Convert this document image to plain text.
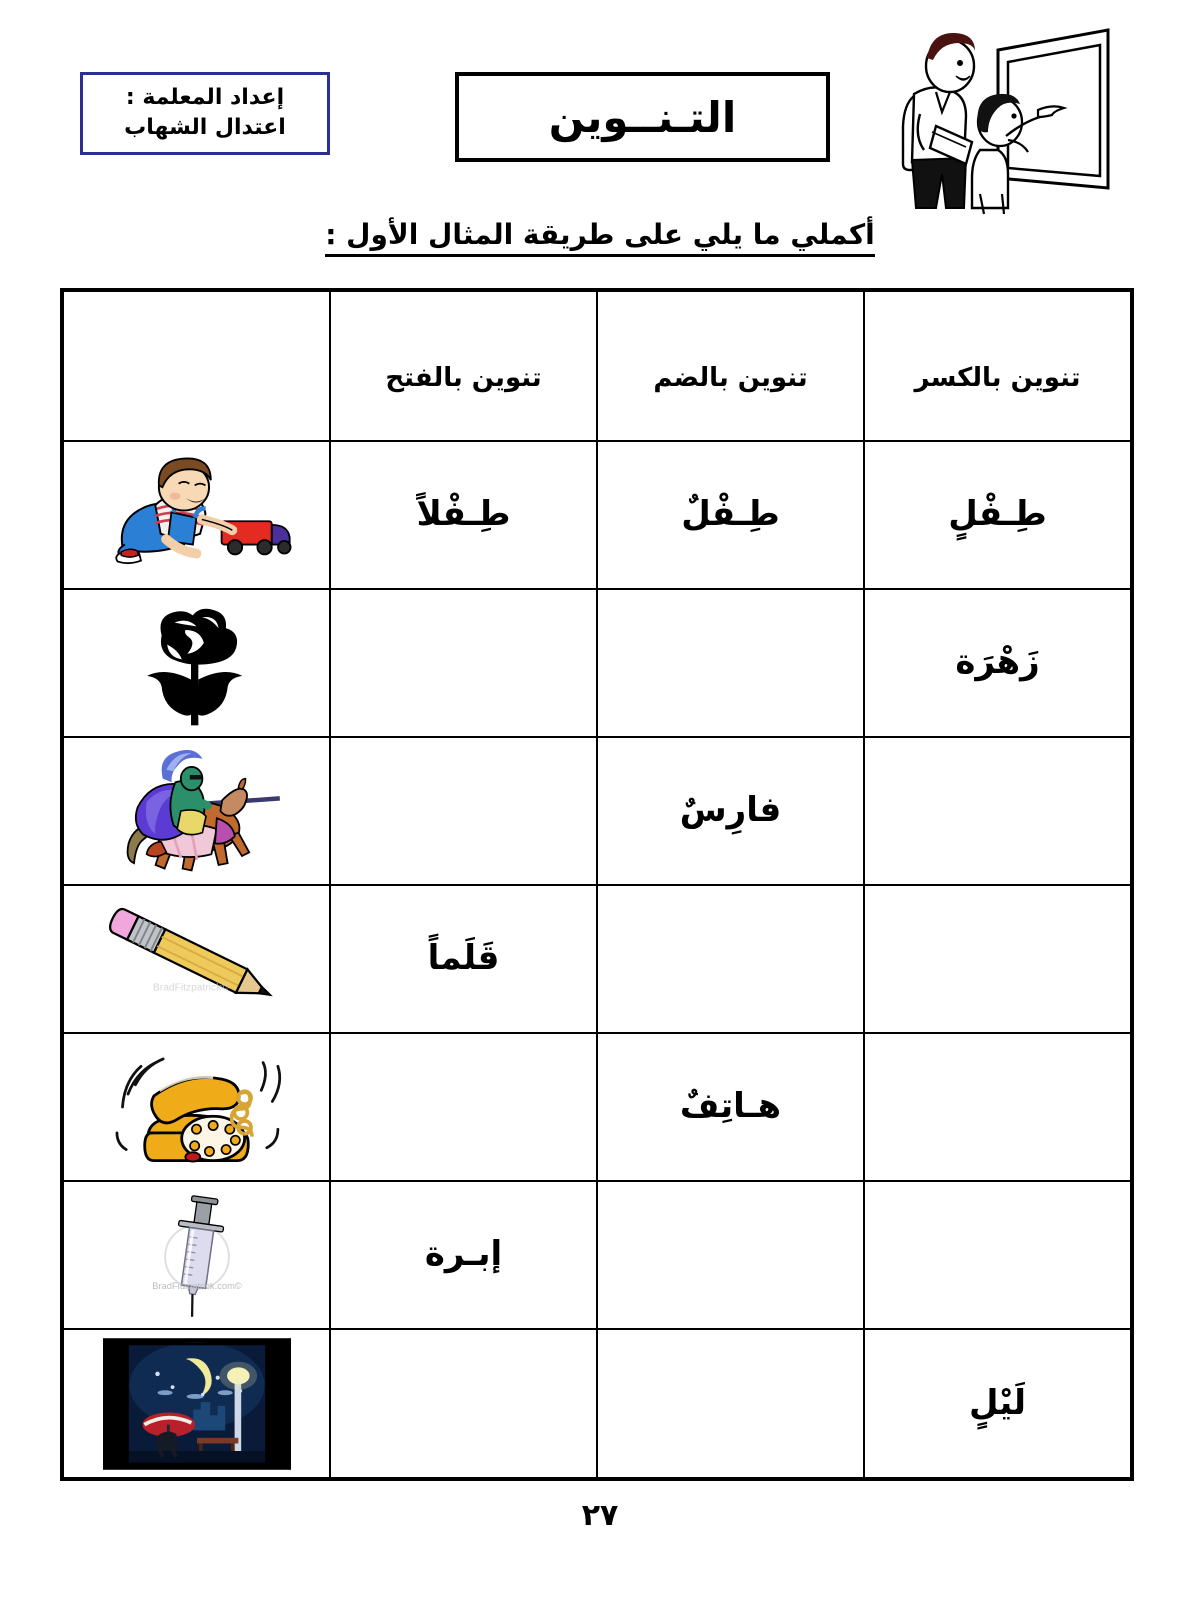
إعداد المعلمة :
اعتدال الشهاب	التـنــوين
أكملي ما يلي على طريقة المثال الأول :
تنوين بالكسر	تنوين بالضم	تنوين بالفتح	

طِـفْلٍ	طِـفْلٌ	طِـفْلاً

زَهْرَة

	فارِسٌ

		قَلَماً	©BradFitzpatrick

	هـاتِفٌ

		إبـرة	©BradFitzpatrick.com

لَيْلٍ

٢٧
